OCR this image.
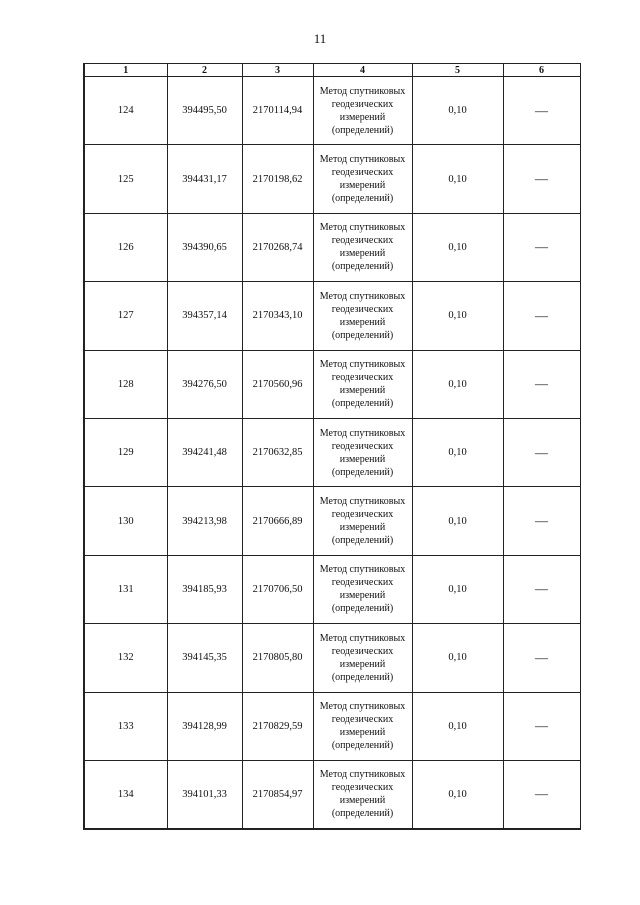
11
1	2	3	4	5	6
124	394495,50	2170114,94	Метод спутниковых геодезических измерений (определений)	0,10	—
125	394431,17	2170198,62	Метод спутниковых геодезических измерений (определений)	0,10	—
126	394390,65	2170268,74	Метод спутниковых геодезических измерений (определений)	0,10	—
127	394357,14	2170343,10	Метод спутниковых геодезических измерений (определений)	0,10	—
128	394276,50	2170560,96	Метод спутниковых геодезических измерений (определений)	0,10	—
129	394241,48	2170632,85	Метод спутниковых геодезических измерений (определений)	0,10	—
130	394213,98	2170666,89	Метод спутниковых геодезических измерений (определений)	0,10	—
131	394185,93	2170706,50	Метод спутниковых геодезических измерений (определений)	0,10	—
132	394145,35	2170805,80	Метод спутниковых геодезических измерений (определений)	0,10	—
133	394128,99	2170829,59	Метод спутниковых геодезических измерений (определений)	0,10	—
134	394101,33	2170854,97	Метод спутниковых геодезических измерений (определений)	0,10	—
